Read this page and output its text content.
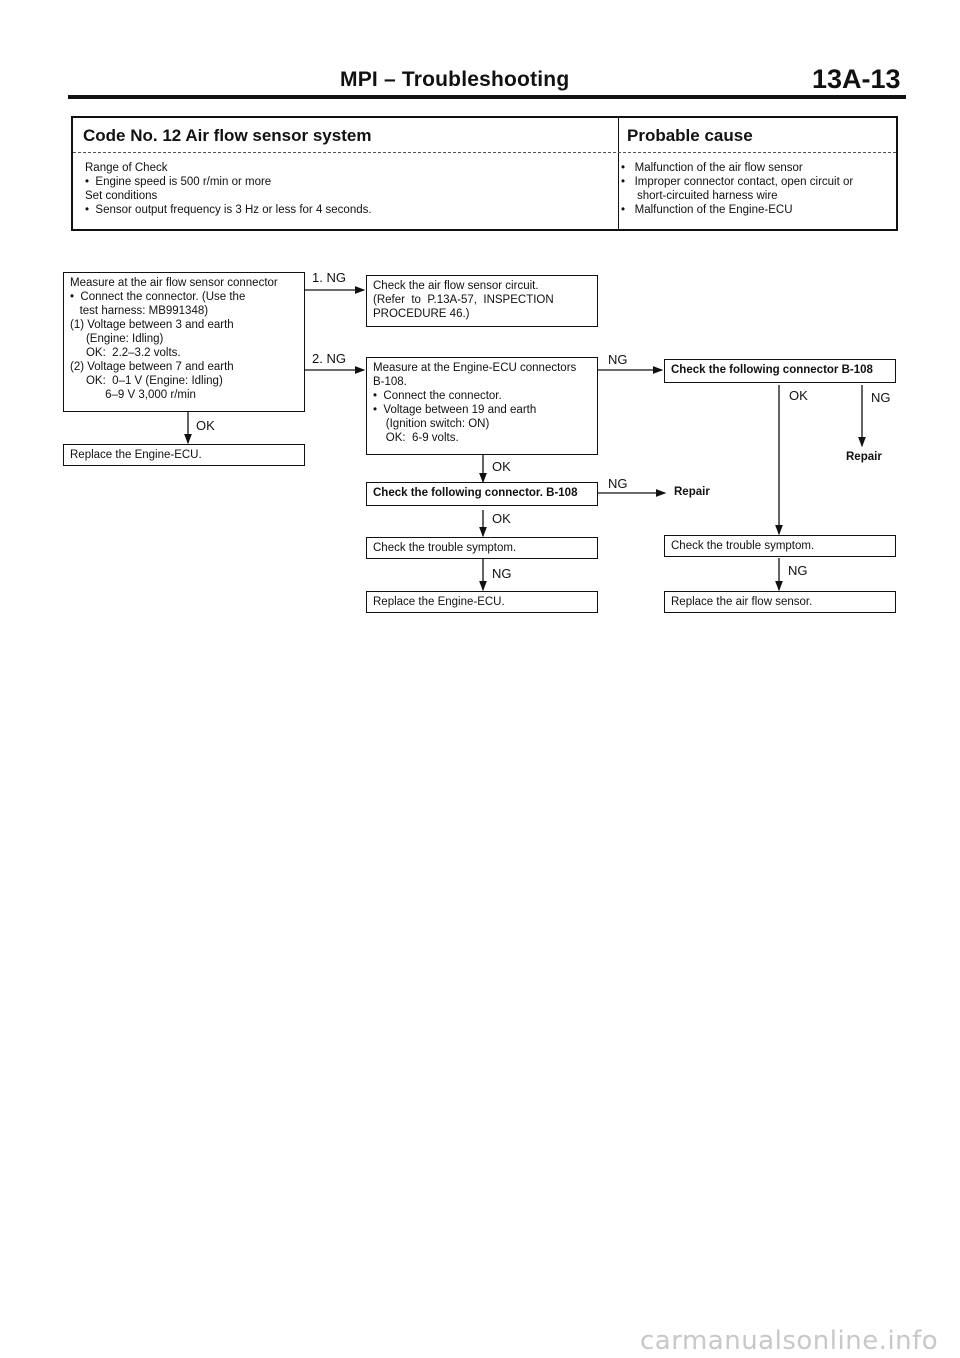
MPI – Troubleshooting	13A-13
Code No. 12 Air flow sensor system	Probable cause
Range of Check
•  Engine speed is 500 r/min or more
Set conditions
•  Sensor output frequency is 3 Hz or less for 4 seconds.
•   Malfunction of the air flow sensor
•   Improper connector contact, open circuit or
short-circuited harness wire
•   Malfunction of the Engine-ECU
Measure at the air flow sensor connector
•  Connect the connector. (Use the
test harness: MB991348)
(1) Voltage between 3 and earth
(Engine: Idling)
OK:  2.2–3.2 volts.
(2) Voltage between 7 and earth
OK:  0–1 V (Engine: Idling)
6–9 V 3,000 r/min
Check the air flow sensor circuit.
(Refer  to  P.13A-57,  INSPECTION
PROCEDURE 46.)
Measure at the Engine-ECU connectors
B-108.
•  Connect the connector.
•  Voltage between 19 and earth
(Ignition switch: ON)
OK:  6-9 volts.
Check the following connector B-108
Replace the Engine-ECU.
Check the following connector. B-108
Check the trouble symptom.
Replace the Engine-ECU.
Check the trouble symptom.
Replace the air flow sensor.
1. NG
2. NG
OK
NG
OK	NG
Repair
OK
NG
Repair
OK
NG	NG
carmanualsonline.info
